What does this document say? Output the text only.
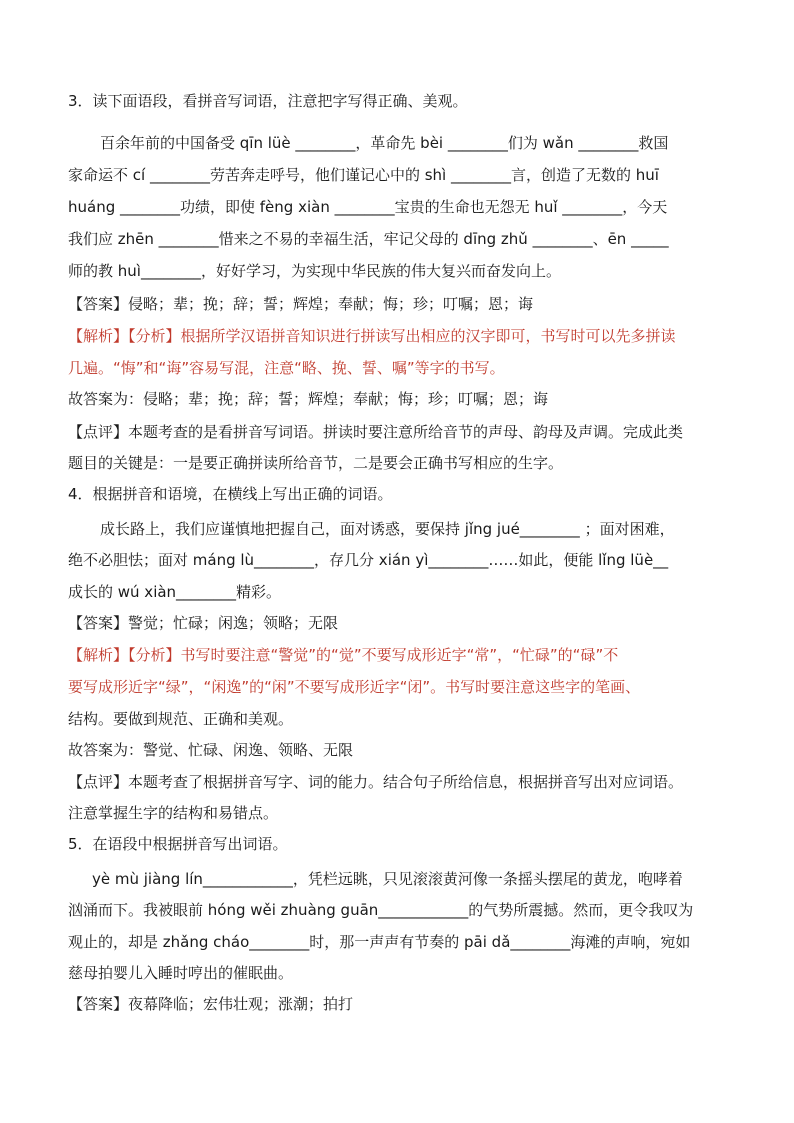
3．读下面语段，看拼音写词语，注意把字写得正确、美观。
百余年前的中国备受 qīn lüè ________，革命先 bèi ________们为 wǎn ________救国
家命运不 cí ________劳苦奔走呼号，他们谨记心中的 shì ________言，创造了无数的 huī
huáng ________功绩，即使 fèng xiàn ________宝贵的生命也无怨无 huǐ ________，今天
我们应 zhēn ________惜来之不易的幸福生活，牢记父母的 dīng zhǔ ________、ēn _____
师的教 huì________，好好学习，为实现中华民族的伟大复兴而奋发向上。
【答案】侵略；辈；挽；辞；誓；辉煌；奉献；悔；珍；叮嘱；恩；诲
【解析】【分析】根据所学汉语拼音知识进行拼读写出相应的汉字即可，书写时可以先多拼读
几遍。“悔”和“诲”容易写混，注意“略、挽、誓、嘱”等字的书写。
故答案为：侵略；辈；挽；辞；誓；辉煌；奉献；悔；珍；叮嘱；恩；诲
【点评】本题考查的是看拼音写词语。拼读时要注意所给音节的声母、韵母及声调。完成此类
题目的关键是：一是要正确拼读所给音节，二是要会正确书写相应的生字。
4．根据拼音和语境，在横线上写出正确的词语。
成长路上，我们应谨慎地把握自己，面对诱惑，要保持 jǐng jué________ ；面对困难，
绝不必胆怯；面对 máng lù________，存几分 xián yì________……如此，便能 lǐng lüè__
成长的 wú xiàn________精彩。
【答案】警觉；忙碌；闲逸；领略；无限
【解析】【分析】书写时要注意“警觉”的“觉”不要写成形近字“常”，“忙碌”的“碌”不
要写成形近字“绿”，“闲逸”的“闲”不要写成形近字“闭”。书写时要注意这些字的笔画、
结构。要做到规范、正确和美观。
故答案为：警觉、忙碌、闲逸、领略、无限
【点评】本题考查了根据拼音写字、词的能力。结合句子所给信息，根据拼音写出对应词语。
注意掌握生字的结构和易错点。
5．在语段中根据拼音写出词语。
yè mù jiàng lín____________，凭栏远眺，只见滚滚黄河像一条摇头摆尾的黄龙，咆哮着
汹涌而下。我被眼前 hóng wěi zhuàng guān____________的气势所震撼。然而，更令我叹为
观止的，却是 zhǎng cháo________时，那一声声有节奏的 pāi dǎ________海滩的声响，宛如
慈母拍婴儿入睡时哼出的催眠曲。
【答案】夜幕降临；宏伟壮观；涨潮；拍打
